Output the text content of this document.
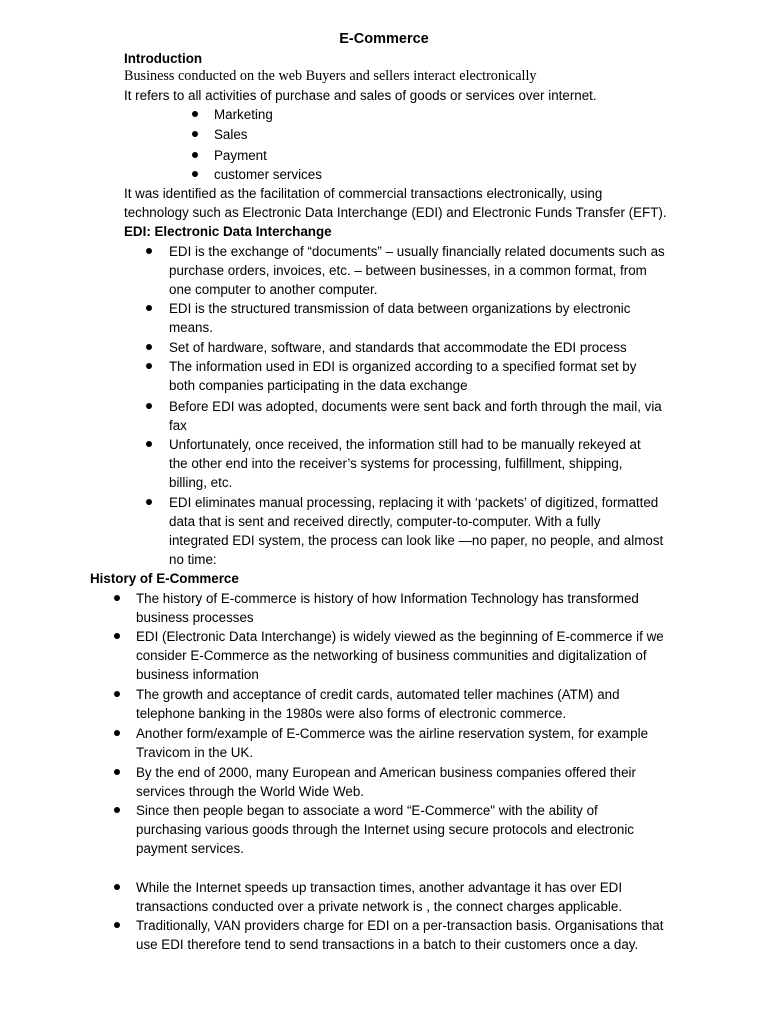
E-Commerce
Introduction
Business conducted on the web Buyers and sellers interact electronically
It refers to all activities of purchase and sales of goods or services over internet.
Marketing
Sales
Payment
customer services
It was identified as the facilitation of commercial transactions electronically, using
technology such as Electronic Data Interchange (EDI) and Electronic Funds Transfer (EFT).
EDI: Electronic Data Interchange
EDI is the exchange of “documents” – usually financially related documents such as
purchase orders, invoices, etc. – between businesses, in a common format, from
one computer to another computer.
EDI is the structured transmission of data between organizations by electronic
means.
Set of hardware, software, and standards that accommodate the EDI process
The information used in EDI is organized according to a specified format set by
both companies participating in the data exchange
Before EDI was adopted, documents were sent back and forth through the mail, via
fax
Unfortunately, once received, the information still had to be manually rekeyed at
the other end into the receiver’s systems for processing, fulfillment, shipping,
billing, etc.
EDI eliminates manual processing, replacing it with ‘packets’ of digitized, formatted
data that is sent and received directly, computer-to-computer. With a fully
integrated EDI system, the process can look like —no paper, no people, and almost
no time:
History of E-Commerce
The history of E-commerce is history of how Information Technology has transformed
business processes
EDI (Electronic Data Interchange) is widely viewed as the beginning of E-commerce if we
consider E-Commerce as the networking of business communities and digitalization of
business information
The growth and acceptance of credit cards, automated teller machines (ATM) and
telephone banking in the 1980s were also forms of electronic commerce.
Another form/example of E-Commerce was the airline reservation system, for example
Travicom in the UK.
By the end of 2000, many European and American business companies offered their
services through the World Wide Web.
Since then people began to associate a word “E-Commerce" with the ability of
purchasing various goods through the Internet using secure protocols and electronic
payment services.
While the Internet speeds up transaction times, another advantage it has over EDI
transactions conducted over a private network is , the connect charges applicable.
Traditionally, VAN providers charge for EDI on a per-transaction basis. Organisations that
use EDI therefore tend to send transactions in a batch to their customers once a day.
